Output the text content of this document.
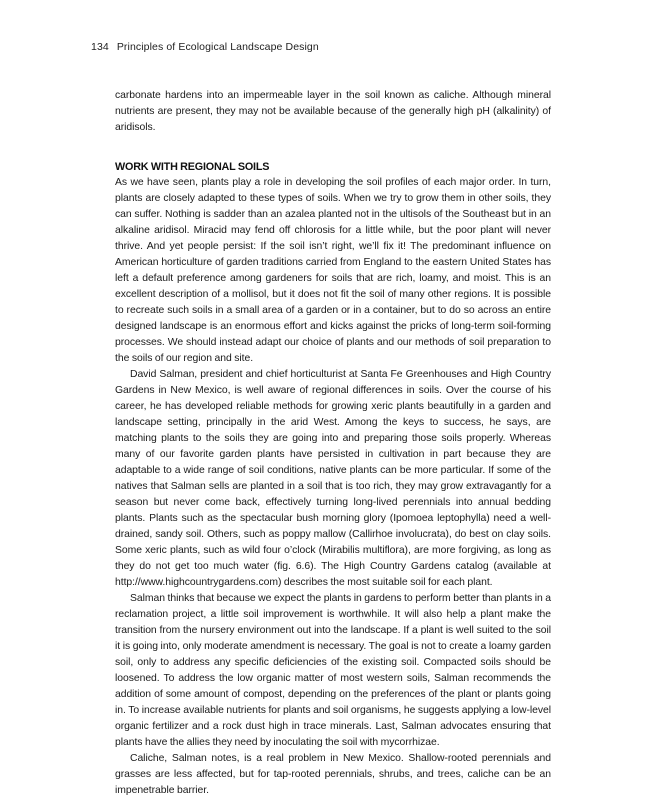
134 Principles of Ecological Landscape Design

carbonate hardens into an impermeable layer in the soil known as caliche. Although mineral nutrients are present, they may not be available because of the generally high pH (alkalinity) of aridisols.

WORK WITH REGIONAL SOILS

As we have seen, plants play a role in developing the soil profiles of each major order. In turn, plants are closely adapted to these types of soils. When we try to grow them in other soils, they can suffer. Nothing is sadder than an azalea planted not in the ultisols of the Southeast but in an alkaline aridisol. Miracid may fend off chlorosis for a little while, but the poor plant will never thrive. And yet people persist: If the soil isn’t right, we’ll fix it! The predominant influence on American horticulture of garden traditions carried from England to the eastern United States has left a default preference among gardeners for soils that are rich, loamy, and moist. This is an excellent description of a mollisol, but it does not fit the soil of many other regions. It is possible to recreate such soils in a small area of a garden or in a container, but to do so across an entire designed landscape is an enormous effort and kicks against the pricks of long-term soil-forming processes. We should instead adapt our choice of plants and our methods of soil preparation to the soils of our region and site.

David Salman, president and chief horticulturist at Santa Fe Greenhouses and High Country Gardens in New Mexico, is well aware of regional differences in soils. Over the course of his career, he has developed reliable methods for growing xeric plants beautifully in a garden and landscape setting, principally in the arid West. Among the keys to success, he says, are matching plants to the soils they are going into and preparing those soils properly. Whereas many of our favorite garden plants have persisted in cultivation in part because they are adaptable to a wide range of soil conditions, native plants can be more particular. If some of the natives that Salman sells are planted in a soil that is too rich, they may grow extravagantly for a season but never come back, effectively turning long-lived perennials into annual bedding plants. Plants such as the spectacular bush morning glory (Ipomoea leptophylla) need a well-drained, sandy soil. Others, such as poppy mallow (Callirhoe involucrata), do best on clay soils. Some xeric plants, such as wild four o’clock (Mirabilis multiflora), are more forgiving, as long as they do not get too much water (fig. 6.6). The High Country Gardens catalog (available at http://www.highcountrygardens.com) describes the most suitable soil for each plant.

Salman thinks that because we expect the plants in gardens to perform better than plants in a reclamation project, a little soil improvement is worthwhile. It will also help a plant make the transition from the nursery environment out into the landscape. If a plant is well suited to the soil it is going into, only moderate amendment is necessary. The goal is not to create a loamy garden soil, only to address any specific deficiencies of the existing soil. Compacted soils should be loosened. To address the low organic matter of most western soils, Salman recommends the addition of some amount of compost, depending on the preferences of the plant or plants going in. To increase available nutrients for plants and soil organisms, he suggests applying a low-level organic fertilizer and a rock dust high in trace minerals. Last, Salman advocates ensuring that plants have the allies they need by inoculating the soil with mycorrhizae.

Caliche, Salman notes, is a real problem in New Mexico. Shallow-rooted perennials and grasses are less affected, but for tap-rooted perennials, shrubs, and trees, caliche can be an impenetrable barrier.
